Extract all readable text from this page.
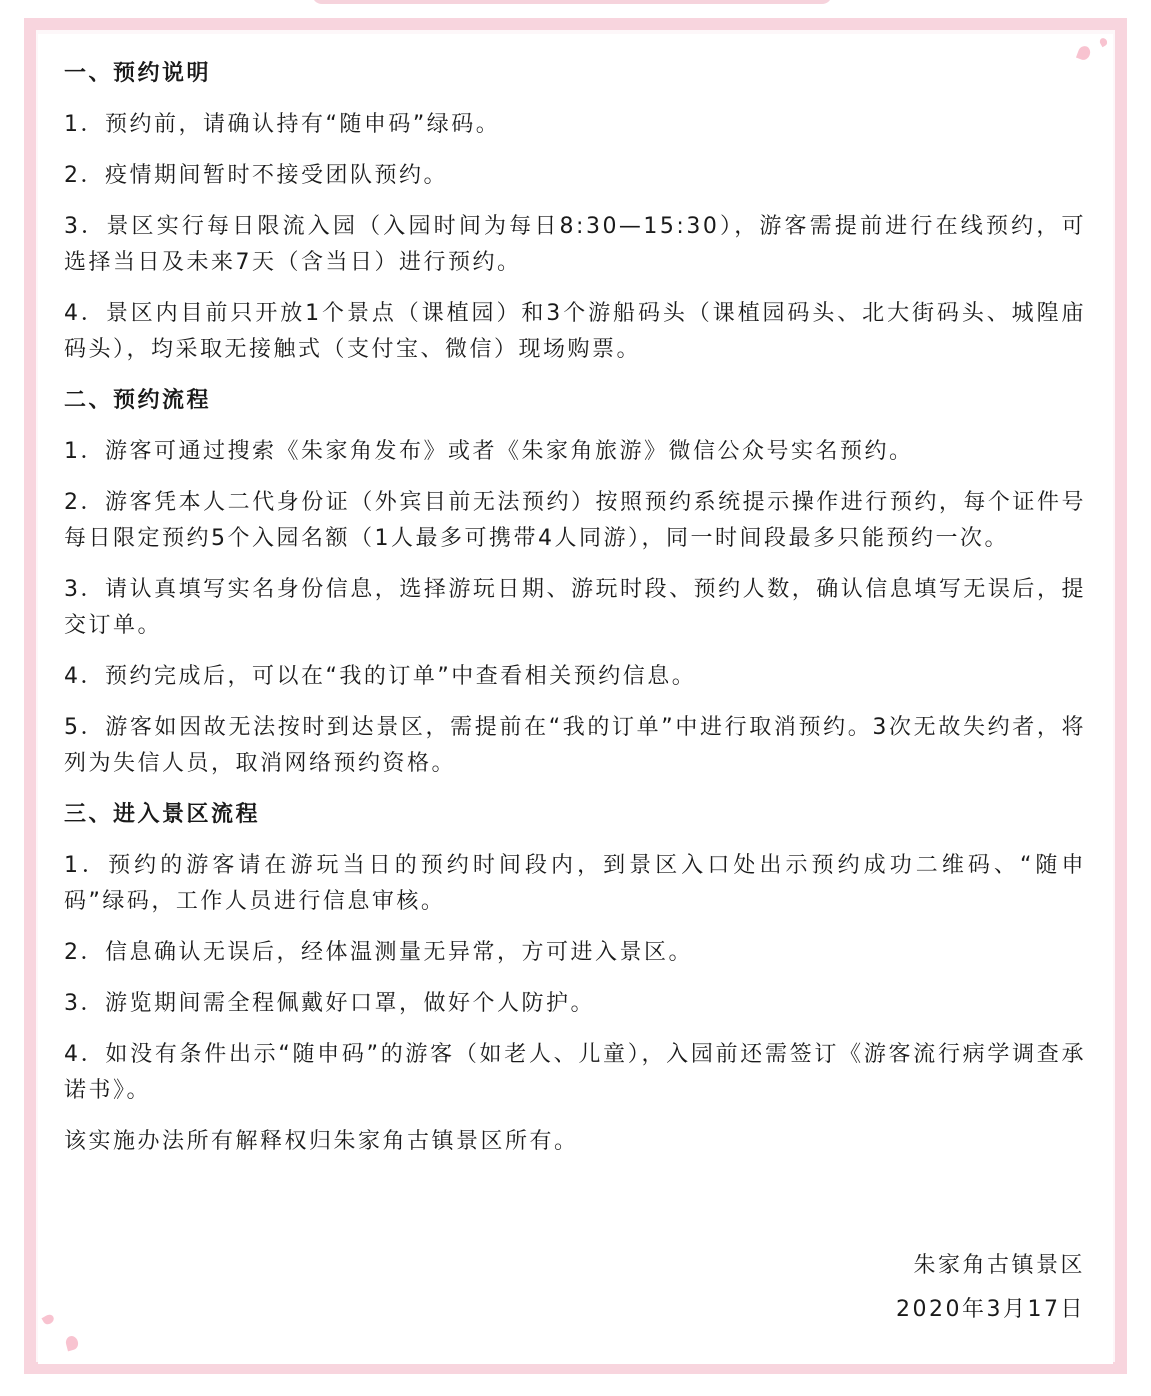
一、预约说明

1．预约前，请确认持有“随申码”绿码。

2．疫情期间暂时不接受团队预约。

3．景区实行每日限流入园（入园时间为每日8:30—15:30），游客需提前进行在线预约，可选择当日及未来7天（含当日）进行预约。

4．景区内目前只开放1个景点（课植园）和3个游船码头（课植园码头、北大街码头、城隍庙码头），均采取无接触式（支付宝、微信）现场购票。

二、预约流程

1．游客可通过搜索《朱家角发布》或者《朱家角旅游》微信公众号实名预约。

2．游客凭本人二代身份证（外宾目前无法预约）按照预约系统提示操作进行预约，每个证件号每日限定预约5个入园名额（1人最多可携带4人同游），同一时间段最多只能预约一次。

3．请认真填写实名身份信息，选择游玩日期、游玩时段、预约人数，确认信息填写无误后，提交订单。

4．预约完成后，可以在“我的订单”中查看相关预约信息。

5．游客如因故无法按时到达景区，需提前在“我的订单”中进行取消预约。3次无故失约者，将列为失信人员，取消网络预约资格。

三、进入景区流程

1．预约的游客请在游玩当日的预约时间段内，到景区入口处出示预约成功二维码、“随申码”绿码，工作人员进行信息审核。

2．信息确认无误后，经体温测量无异常，方可进入景区。

3．游览期间需全程佩戴好口罩，做好个人防护。

4．如没有条件出示“随申码”的游客（如老人、儿童），入园前还需签订《游客流行病学调查承诺书》。

该实施办法所有解释权归朱家角古镇景区所有。

朱家角古镇景区
2020年3月17日
